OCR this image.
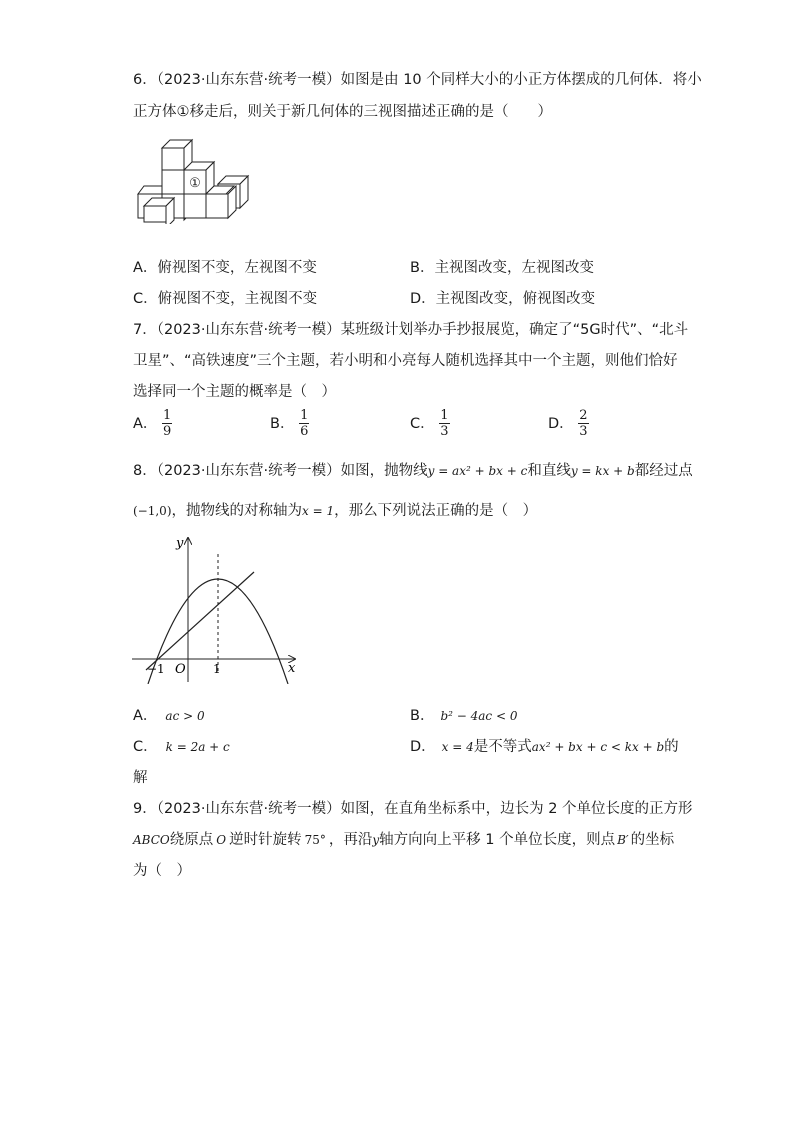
6．（2023·山东东营·统考一模）如图是由 10 个同样大小的小正方体摆成的几何体．将小
正方体①移走后，则关于新几何体的三视图描述正确的是（　　）
①
A．俯视图不变，左视图不变	B．主视图改变，左视图改变
C．俯视图不变，主视图不变	D．主视图改变，俯视图改变
7．（2023·山东东营·统考一模）某班级计划举办手抄报展览，确定了“5G时代”、“北斗
卫星”、“高铁速度”三个主题，若小明和小亮每人随机选择其中一个主题，则他们恰好
选择同一个主题的概率是（　）
A． $\frac{1}{9}$	B． $\frac{1}{6}$	C． $\frac{1}{3}$	D． $\frac{2}{3}$
8．（2023·山东东营·统考一模）如图，抛物线y = ax² + bx + c和直线y = kx + b都经过点
(−1,0)，抛物线的对称轴为x = 1，那么下列说法正确的是（　）
y
x
O
−1	1
A． ac > 0	B． b² − 4ac < 0
C． k = 2a + c	D． x = 4是不等式ax² + bx + c < kx + b的
解
9．（2023·山东东营·统考一模）如图，在直角坐标系中，边长为 2 个单位长度的正方形
ABCO绕原点 O 逆时针旋转 75° ，再沿y轴方向向上平移 1 个单位长度，则点 B′ 的坐标
为（　）
